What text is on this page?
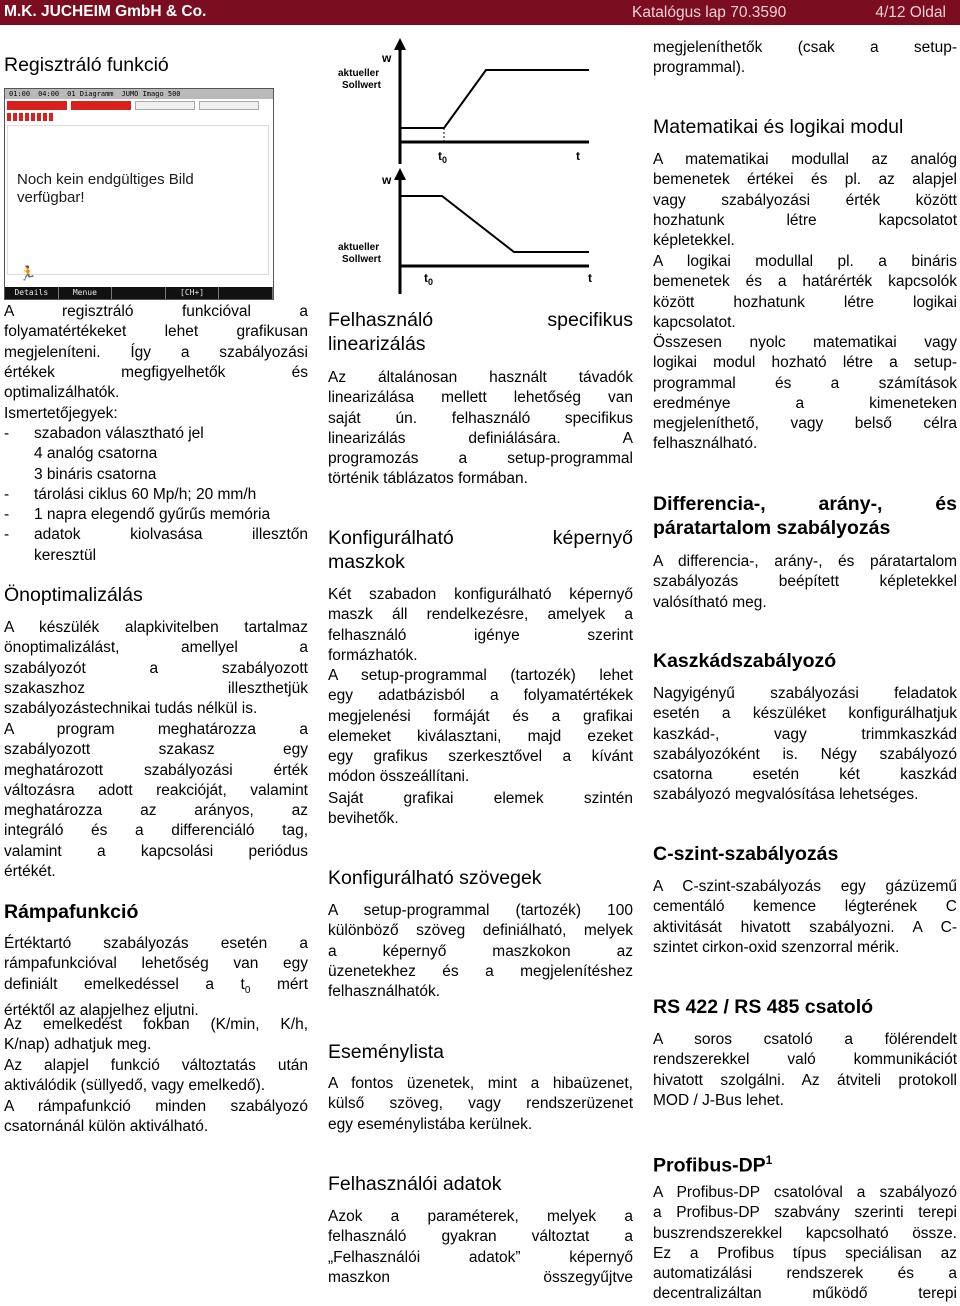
M.K. JUCHEIM GmbH & Co.	Katalógus lap 70.3590	4/12 Oldal
Regisztráló funkció
01:00	04:00	01 Diagramm	JUMO Imago 500
Noch kein endgültiges Bild
verfügbar!
🏃
Details	Menue	[CH+]
A regisztráló funkcióval a
folyamatértékeket lehet grafikusan
megjeleníteni. Így a szabályozási
értékek megfigyelhetők és
optimalizálhatók.
Ismertetőjegyek:
-	szabadon választható jel
4 analóg csatorna
3 bináris csatorna
-	tárolási ciklus 60 Mp/h; 20 mm/h
-	1 napra elegendő gyűrűs memória
-	adatok kiolvasása illesztőn
keresztül
Önoptimalizálás
A készülék alapkivitelben tartalmaz
önoptimalizálást, amellyel a
szabályozót a szabályozott
szakaszhoz illeszthetjük
szabályozástechnikai tudás nélkül is.
A program meghatározza a
szabályozott szakasz egy
meghatározott szabályozási érték
változásra adott reakcióját, valamint
meghatározza az arányos, az
integráló és a differenciáló tag,
valamint a kapcsolási periódus
értékét.
Rámpafunkció
Értéktartó szabályozás esetén a
rámpafunkcióval lehetőség van egy
definiált emelkedéssel a $t_0$ mért
értéktől az alapjelhez eljutni.
Az emelkedést fokban (K/min, K/h,
K/nap) adhatjuk meg.
Az alapjel funkció változtatás után
aktiválódik (süllyedő, vagy emelkedő).
A rámpafunkció minden szabályozó
csatornánál külön aktiválható.
w
aktueller
Sollwert
$t_0$	t
w
aktueller
Sollwert
$t_0$	t
Felhasználó	specifikus
linearizálás
Az általánosan használt távadók
linearizálása mellett lehetőség van
saját ún. felhasználó specifikus
linearizálás definiálására. A
programozás a setup-programmal
történik táblázatos formában.
Konfigurálható	képernyő
maszkok
Két szabadon konfigurálható képernyő
maszk áll rendelkezésre, amelyek a
felhasználó igénye szerint
formázhatók.
A setup-programmal (tartozék) lehet
egy adatbázisból a folyamatértékek
megjelenési formáját és a grafikai
elemeket kiválasztani, majd ezeket
egy grafikus szerkesztővel a kívánt
módon összeállítani.
Saját grafikai elemek szintén
bevihetők.
Konfigurálható szövegek
A setup-programmal (tartozék) 100
különböző szöveg definiálható, melyek
a képernyő maszkokon az
üzenetekhez és a megjelenítéshez
felhasználhatók.
Eseménylista
A fontos üzenetek, mint a hibaüzenet,
külső szöveg, vagy rendszerüzenet
egy eseménylistába kerülnek.
Felhasználói adatok
Azok a paraméterek, melyek a
felhasználó gyakran változtat a
„Felhasználói adatok” képernyő
maszkon összegyűjtve
megjeleníthetők (csak a setup-
programmal).
Matematikai és logikai modul
A matematikai modullal az analóg
bemenetek értékei és pl. az alapjel
vagy szabályozási érték között
hozhatunk létre kapcsolatot
képletekkel.
A logikai modullal pl. a bináris
bemenetek és a határérték kapcsolók
között hozhatunk létre logikai
kapcsolatot.
Összesen nyolc matematikai vagy
logikai modul hozható létre a setup-
programmal és a számítások
eredménye a kimeneteken
megjeleníthető, vagy belső célra
felhasználható.
Differencia-, arány-, és
páratartalom szabályozás
A differencia-, arány-, és páratartalom
szabályozás beépített képletekkel
valósítható meg.
Kaszkádszabályozó
Nagyigényű szabályozási feladatok
esetén a készüléket konfigurálhatjuk
kaszkád-, vagy trimmkaszkád
szabályozóként is. Négy szabályozó
csatorna esetén két kaszkád
szabályozó megvalósítása lehetséges.
C-szint-szabályozás
A C-szint-szabályozás egy gázüzemű
cementáló kemence légterének C
aktivitását hivatott szabályozni. A C-
szintet cirkon-oxid szenzorral mérik.
RS 422 / RS 485 csatoló
A soros csatoló a fölérendelt
rendszerekkel való kommunikációt
hivatott szolgálni. Az átviteli protokoll
MOD / J-Bus lehet.
Profibus-$DP^1$
A Profibus-DP csatolóval a szabályozó
a Profibus-DP szabvány szerinti terepi
buszrendszerekkel kapcsolható össze.
Ez a Profibus típus speciálisan az
automatizálási rendszerek és a
decentralizáltan működő terepi
